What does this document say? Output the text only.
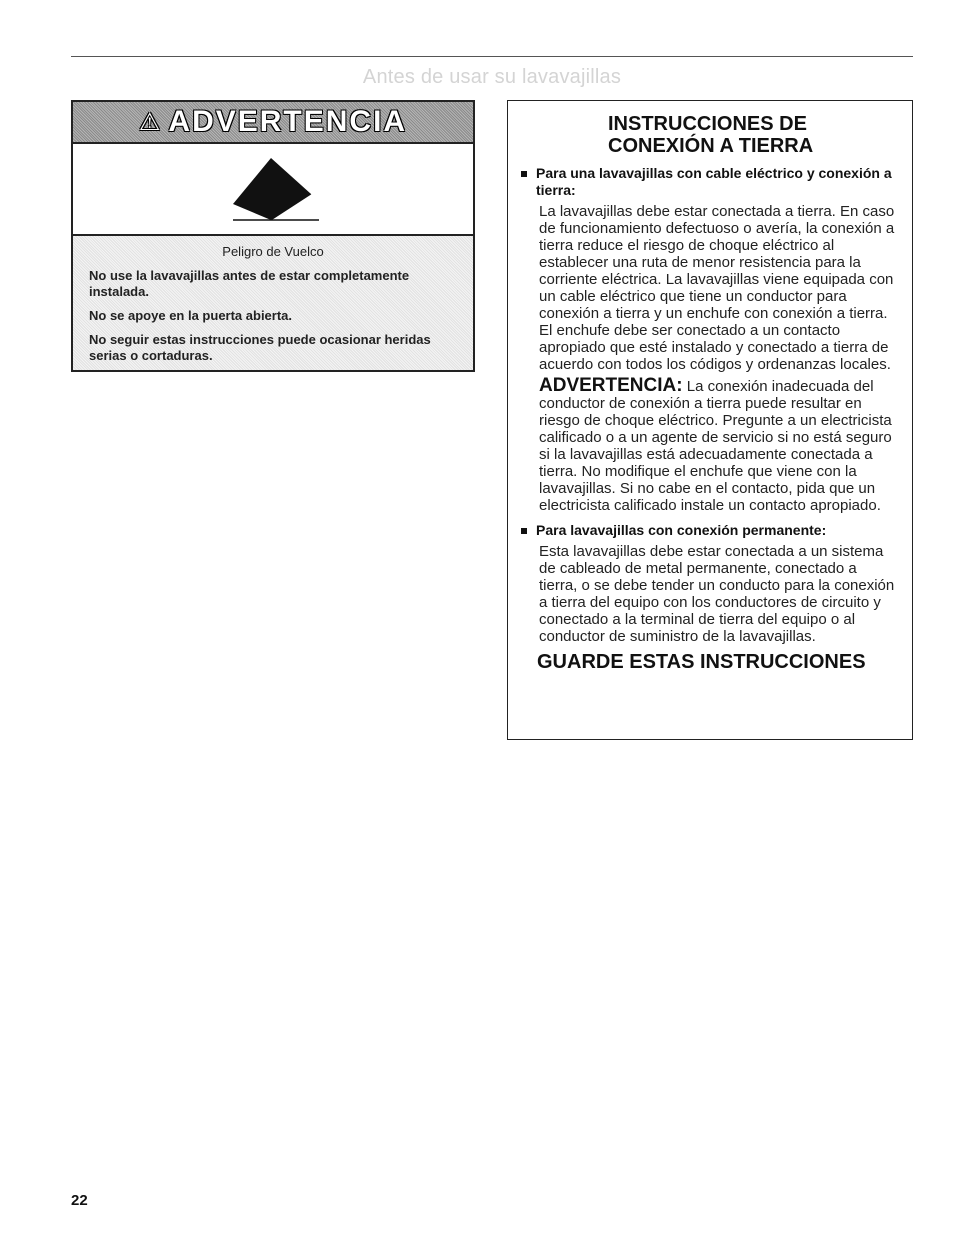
Antes de usar su lavavajillas
⚠ ADVERTENCIA

Peligro de Vuelco

No use la lavavajillas antes de estar completamente instalada.

No se apoye en la puerta abierta.

No seguir estas instrucciones puede ocasionar heridas serias o cortaduras.

INSTRUCCIONES DE
CONEXIÓN A TIERRA
Para una lavavajillas con cable eléctrico y conexión a tierra:

La lavavajillas debe estar conectada a tierra. En caso de funcionamiento defectuoso o avería, la conexión a tierra reduce el riesgo de choque eléctrico al establecer una ruta de menor resistencia para la corriente eléctrica. La lavavajillas viene equipada con un cable eléctrico que tiene un conductor para conexión a tierra y un enchufe con conexión a tierra. El enchufe debe ser conectado a un contacto apropiado que esté instalado y conectado a tierra de acuerdo con todos los códigos y ordenanzas locales.

ADVERTENCIA: La conexión inadecuada del conductor de conexión a tierra puede resultar en riesgo de choque eléctrico. Pregunte a un electricista calificado o a un agente de servicio si no está seguro si la lavavajillas está adecuadamente conectada a tierra. No modifique el enchufe que viene con la lavavajillas. Si no cabe en el contacto, pida que un electricista calificado instale un contacto apropiado.

Para lavavajillas con conexión permanente:

Esta lavavajillas debe estar conectada a un sistema de cableado de metal permanente, conectado a tierra, o se debe tender un conducto para la conexión a tierra del equipo con los conductores de circuito y conectado a la terminal de tierra del equipo o al conductor de suministro de la lavavajillas.

GUARDE ESTAS INSTRUCCIONES
22
